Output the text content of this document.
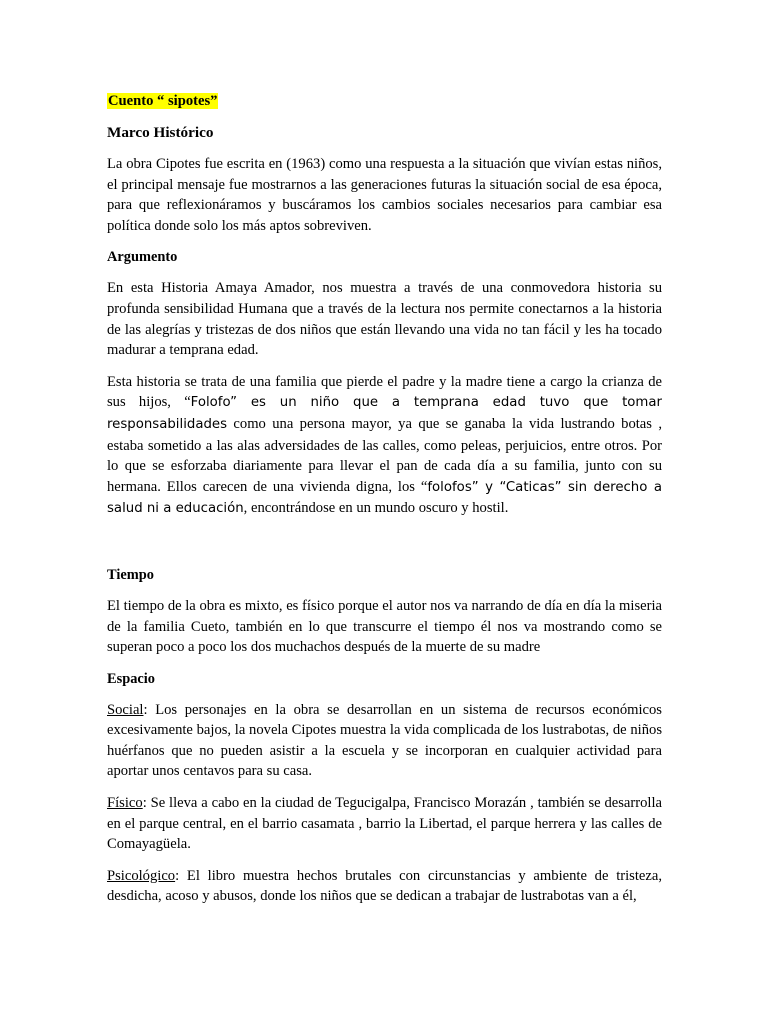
Cuento “ sipotes”
Marco Histórico

La obra Cipotes fue escrita en (1963) como una respuesta a la situación que vivían estas niños, el principal mensaje fue mostrarnos a las generaciones futuras la situación social de esa época, para que reflexionáramos y buscáramos los cambios sociales necesarios para cambiar esa política donde solo los más aptos sobreviven.

Argumento

En esta Historia Amaya Amador, nos muestra a través de una conmovedora historia su profunda sensibilidad Humana que a través de la lectura nos permite conectarnos a la historia de las alegrías y tristezas de dos niños que están llevando una vida no tan fácil y les ha tocado madurar a temprana edad.

Esta historia se trata de una familia que pierde el padre y la madre tiene a cargo la crianza de sus hijos, “Folofo” es un niño que a temprana edad tuvo que tomar responsabilidades como una persona mayor, ya que se ganaba la vida lustrando botas , estaba sometido a las alas adversidades de las calles, como peleas, perjuicios, entre otros. Por lo que se esforzaba diariamente para llevar el pan de cada día a su familia, junto con su hermana. Ellos carecen de una vivienda digna, los “folofos” y “Caticas” sin derecho a salud ni a educación, encontrándose en un mundo oscuro y hostil.

Tiempo

El tiempo de la obra es mixto, es físico porque el autor nos va narrando de día en día la miseria de la familia Cueto, también en lo que transcurre el tiempo él nos va mostrando como se superan poco a poco los dos muchachos después de la muerte de su madre

Espacio

Social: Los personajes en la obra se desarrollan en un sistema de recursos económicos excesivamente bajos, la novela Cipotes muestra la vida complicada de los lustrabotas, de niños huérfanos que no pueden asistir a la escuela y se incorporan en cualquier actividad para aportar unos centavos para su casa.

Físico: Se lleva a cabo en la ciudad de Tegucigalpa, Francisco Morazán , también se desarrolla en el parque central, en el barrio casamata , barrio la Libertad, el parque herrera y las calles de Comayagüela.

Psicológico: El libro muestra hechos brutales con circunstancias y ambiente de tristeza, desdicha, acoso y abusos, donde los niños que se dedican a trabajar de lustrabotas van a él,
